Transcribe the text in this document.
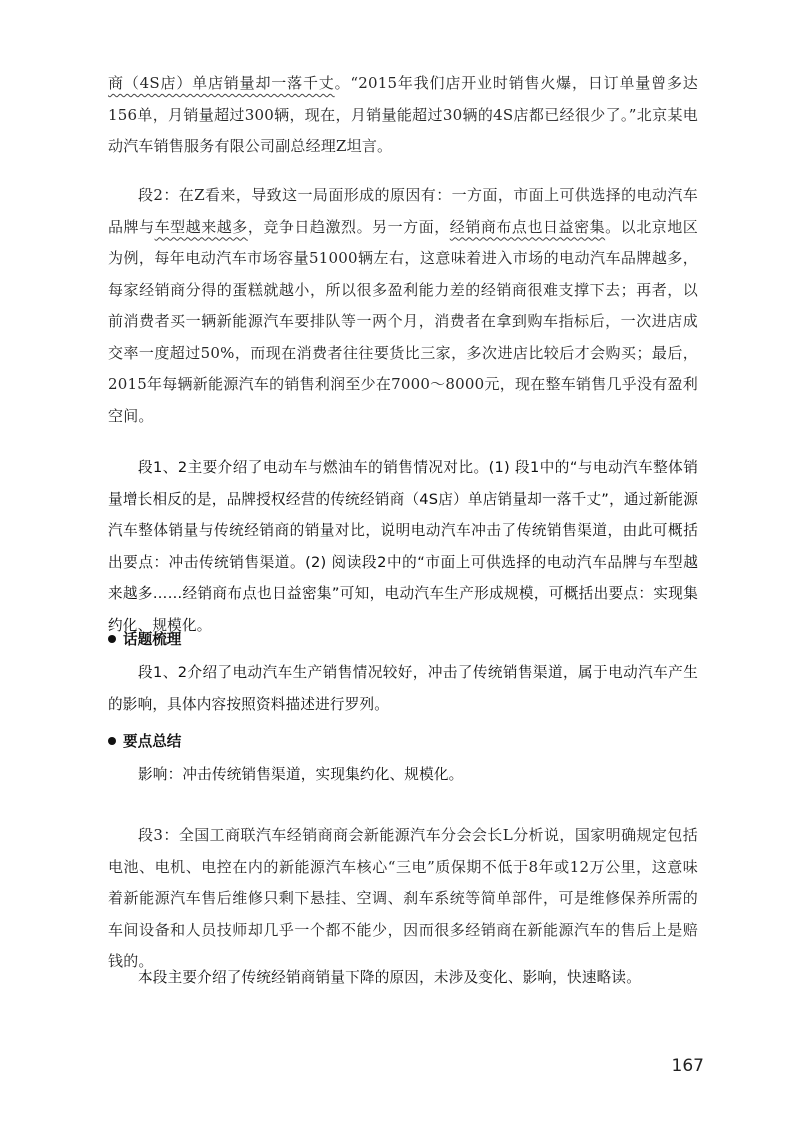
商（4S店）单店销量却一落千丈。“2015年我们店开业时销售火爆，日订单量曾多达156单，月销量超过300辆，现在，月销量能超过30辆的4S店都已经很少了。”北京某电动汽车销售服务有限公司副总经理Z坦言。

段2：在Z看来，导致这一局面形成的原因有：一方面，市面上可供选择的电动汽车品牌与车型越来越多，竞争日趋激烈。另一方面，经销商布点也日益密集。以北京地区为例，每年电动汽车市场容量51000辆左右，这意味着进入市场的电动汽车品牌越多，每家经销商分得的蛋糕就越小，所以很多盈利能力差的经销商很难支撑下去；再者，以前消费者买一辆新能源汽车要排队等一两个月，消费者在拿到购车指标后，一次进店成交率一度超过50%，而现在消费者往往要货比三家，多次进店比较后才会购买；最后，2015年每辆新能源汽车的销售利润至少在7000～8000元，现在整车销售几乎没有盈利空间。

段1、2主要介绍了电动车与燃油车的销售情况对比。(1) 段1中的“与电动汽车整体销量增长相反的是，品牌授权经营的传统经销商（4S店）单店销量却一落千丈”，通过新能源汽车整体销量与传统经销商的销量对比，说明电动汽车冲击了传统销售渠道，由此可概括出要点：冲击传统销售渠道。(2) 阅读段2中的“市面上可供选择的电动汽车品牌与车型越来越多……经销商布点也日益密集”可知，电动汽车生产形成规模，可概括出要点：实现集约化、规模化。

话题梳理

段1、2介绍了电动汽车生产销售情况较好，冲击了传统销售渠道，属于电动汽车产生的影响，具体内容按照资料描述进行罗列。

要点总结

影响：冲击传统销售渠道，实现集约化、规模化。

段3：全国工商联汽车经销商商会新能源汽车分会会长L分析说，国家明确规定包括电池、电机、电控在内的新能源汽车核心“三电”质保期不低于8年或12万公里，这意味着新能源汽车售后维修只剩下悬挂、空调、刹车系统等简单部件，可是维修保养所需的车间设备和人员技师却几乎一个都不能少，因而很多经销商在新能源汽车的售后上是赔钱的。

本段主要介绍了传统经销商销量下降的原因，未涉及变化、影响，快速略读。

167
